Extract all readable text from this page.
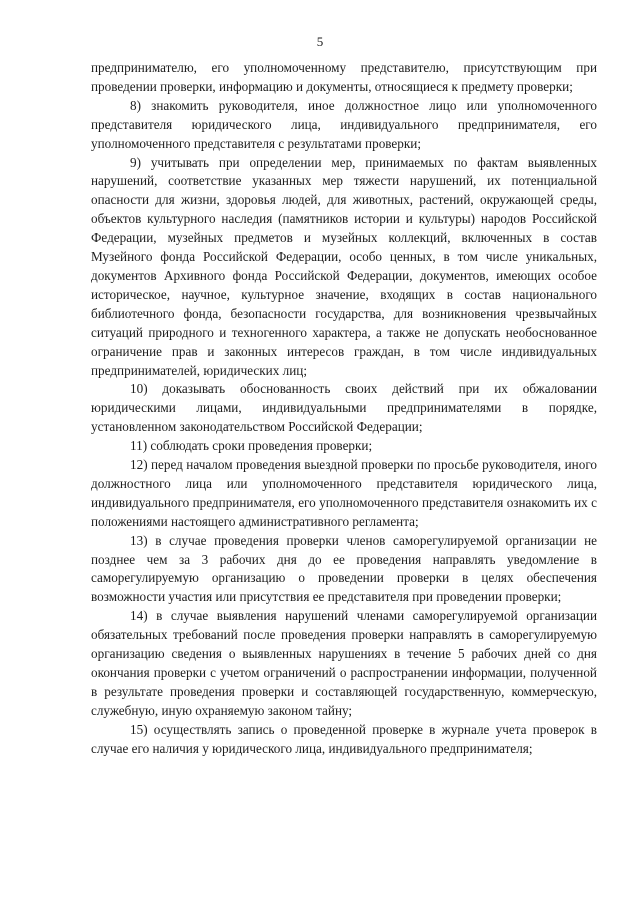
5

предпринимателю, его уполномоченному представителю, присутствующим при проведении проверки, информацию и документы, относящиеся к предмету проверки;

8) знакомить руководителя, иное должностное лицо или уполномоченного представителя юридического лица, индивидуального предпринимателя, его уполномоченного представителя с результатами проверки;

9) учитывать при определении мер, принимаемых по фактам выявленных нарушений, соответствие указанных мер тяжести нарушений, их потенциальной опасности для жизни, здоровья людей, для животных, растений, окружающей среды, объектов культурного наследия (памятников истории и культуры) народов Российской Федерации, музейных предметов и музейных коллекций, включенных в состав Музейного фонда Российской Федерации, особо ценных, в том числе уникальных, документов Архивного фонда Российской Федерации, документов, имеющих особое историческое, научное, культурное значение, входящих в состав национального библиотечного фонда, безопасности государства, для возникновения чрезвычайных ситуаций природного и техногенного характера, а также не допускать необоснованное ограничение прав и законных интересов граждан, в том числе индивидуальных предпринимателей, юридических лиц;

10) доказывать обоснованность своих действий при их обжаловании юридическими лицами, индивидуальными предпринимателями в порядке, установленном законодательством Российской Федерации;

11) соблюдать сроки проведения проверки;

12) перед началом проведения выездной проверки по просьбе руководителя, иного должностного лица или уполномоченного представителя юридического лица, индивидуального предпринимателя, его уполномоченного представителя ознакомить их с положениями настоящего административного регламента;

13) в случае проведения проверки членов саморегулируемой организации не позднее чем за 3 рабочих дня до ее проведения направлять уведомление в саморегулируемую организацию о проведении проверки в целях обеспечения возможности участия или присутствия ее представителя при проведении проверки;

14) в случае выявления нарушений членами саморегулируемой организации обязательных требований после проведения проверки направлять в саморегулируемую организацию сведения о выявленных нарушениях в течение 5 рабочих дней со дня окончания проверки с учетом ограничений о распространении информации, полученной в результате проведения проверки и составляющей государственную, коммерческую, служебную, иную охраняемую законом тайну;

15) осуществлять запись о проведенной проверке в журнале учета проверок в случае его наличия у юридического лица, индивидуального предпринимателя;
